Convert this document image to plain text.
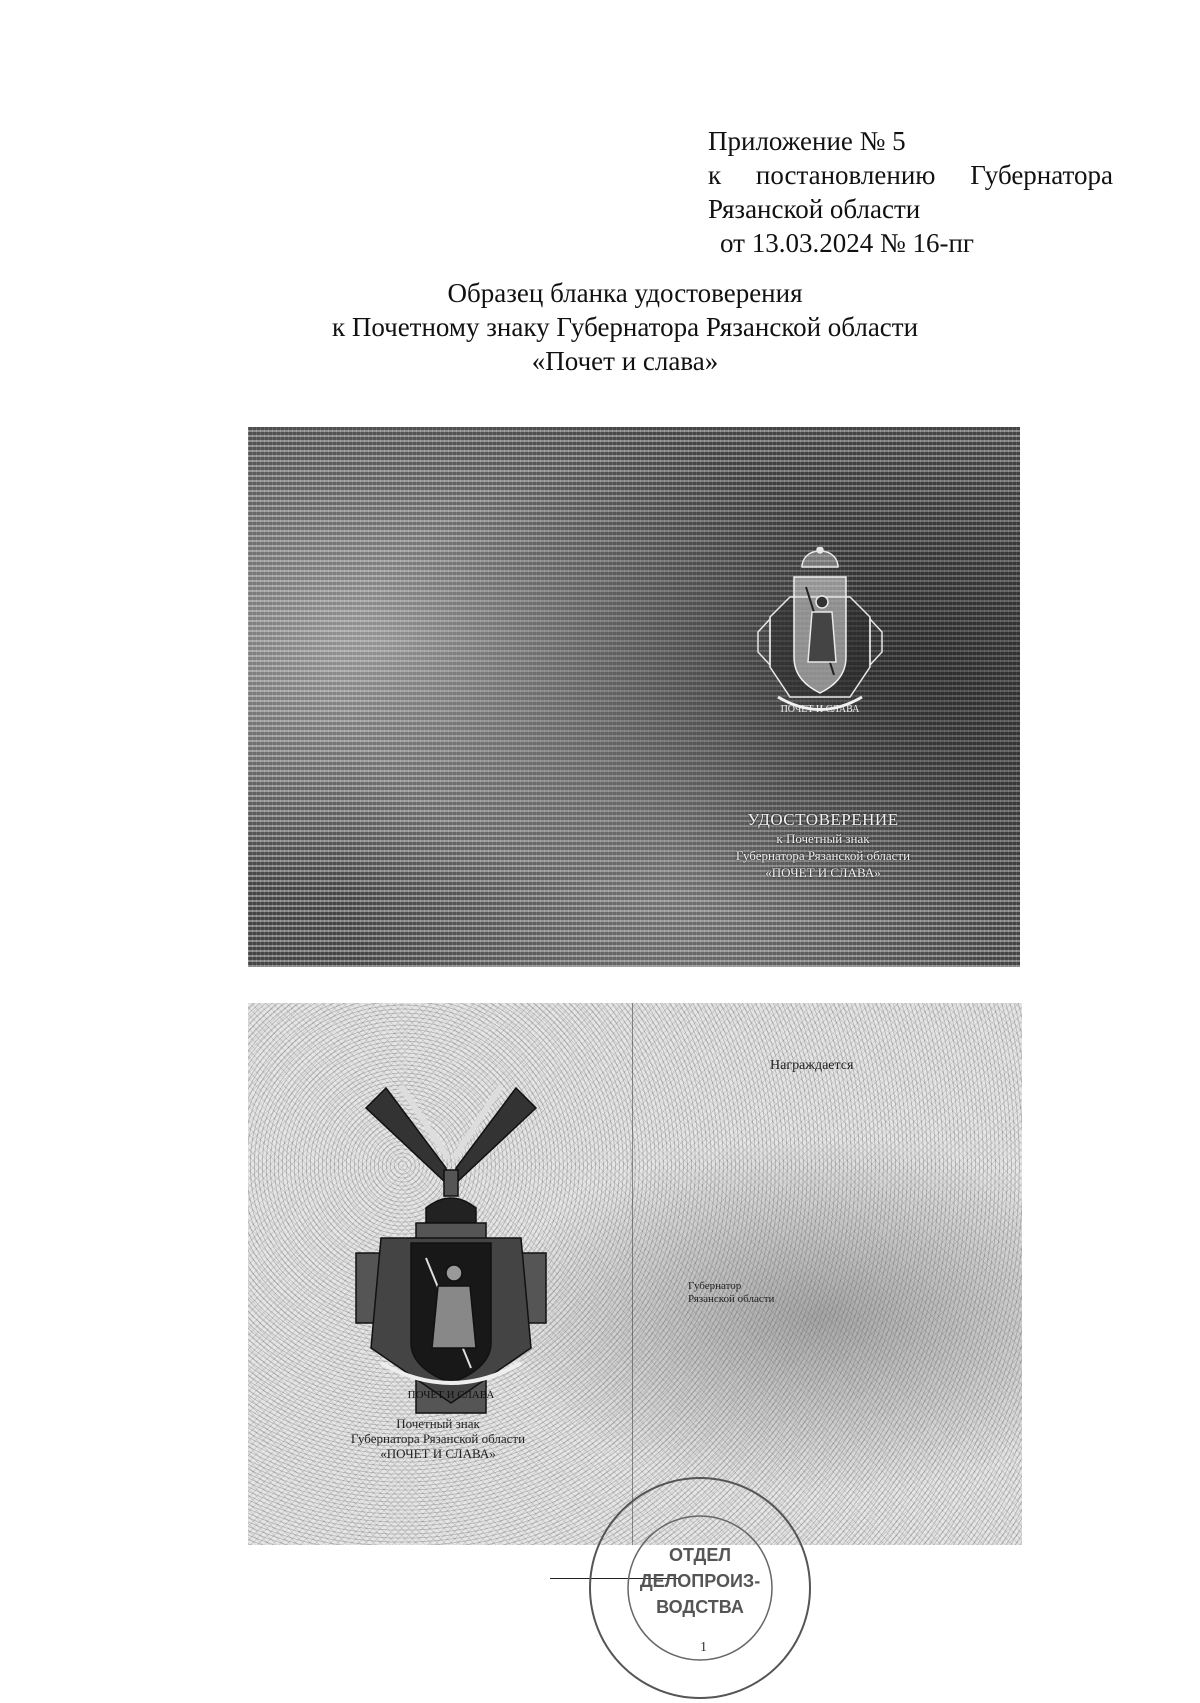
Приложение № 5
к постановлению Губернатора
Рязанской области
от 13.03.2024 № 16-пг
Образец бланка удостоверения
к Почетному знаку Губернатора Рязанской области
«Почет и слава»
ПОЧЕТ И СЛАВА
УДОСТОВЕРЕНИЕ
к Почетный знак
Губернатора Рязанской области
«ПОЧЕТ И СЛАВА»
ПОЧЕТ И СЛАВА
Почетный знак
Губернатора Рязанской области
«ПОЧЕТ И СЛАВА»
Награждается
Губернатор
Рязанской области
ОТДЕЛ
ДЕЛОПРОИЗ-
ВОДСТВА
1
